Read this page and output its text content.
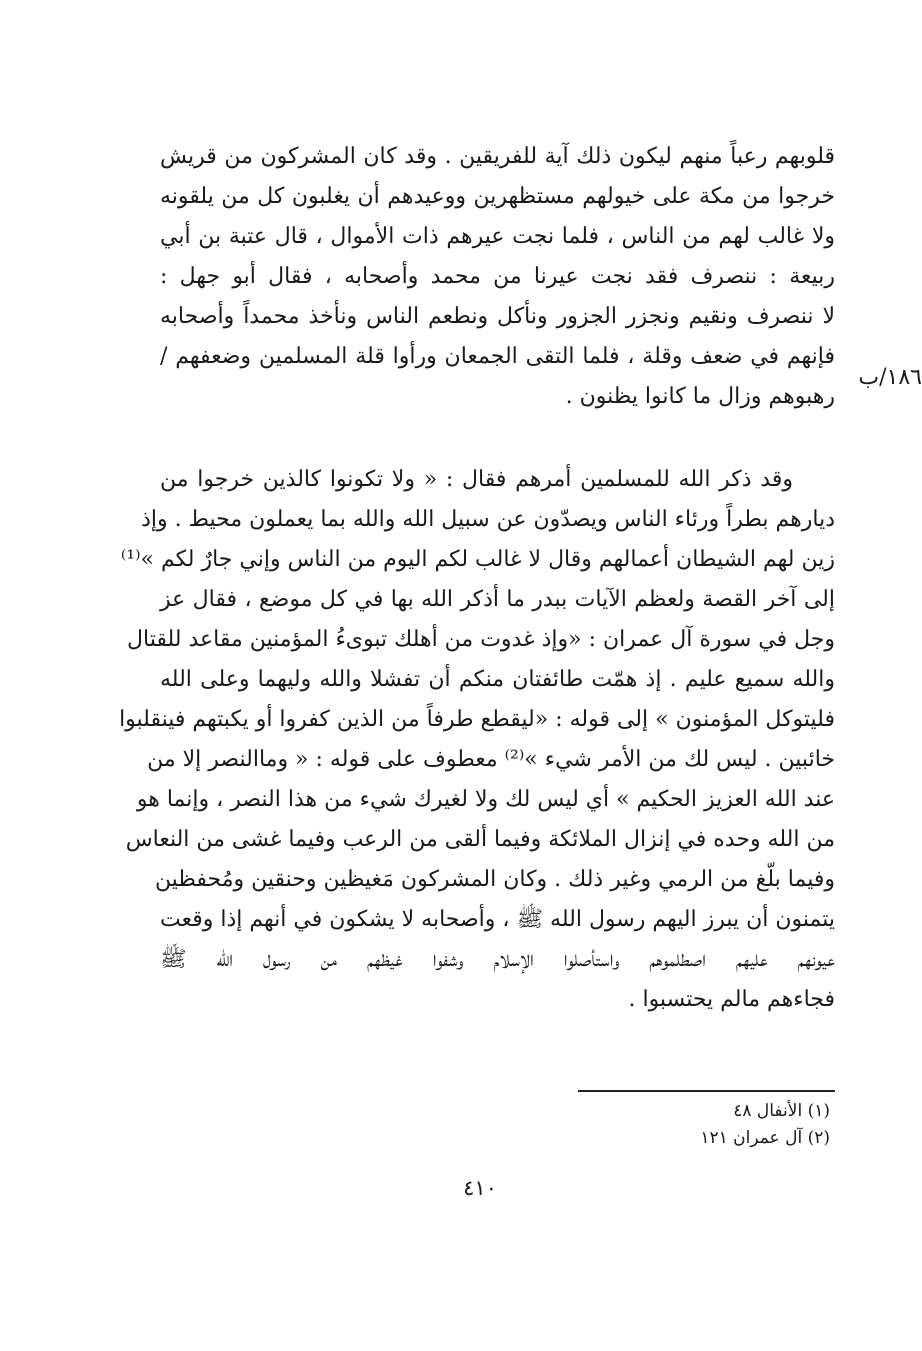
١٨٦/ب
قلوبهم رعباً منهم ليكون ذلك آية للفريقين . وقد كان المشركون من قريش
خرجوا من مكة على خيولهم مستظهرين ووعيدهم أن يغلبون كل من يلقونه
ولا غالب لهم من الناس ، فلما نجت عيرهم ذات الأموال ، قال عتبة بن أبي
ربيعة : ننصرف فقد نجت عيرنا من محمد وأصحابه ، فقال أبو جهل :
لا ننصرف ونقيم ونجزر الجزور ونأكل ونطعم الناس ونأخذ محمداً وأصحابه
فإنهم في ضعف وقلة ، فلما التقى الجمعان ورأوا قلة المسلمين وضعفهم /
رهبوهم وزال ما كانوا يظنون .
وقد ذكر الله للمسلمين أمرهم فقال : « ولا تكونوا كالذين خرجوا من
ديارهم بطراً ورئاء الناس ويصدّون عن سبيل الله والله بما يعملون محيط . وإذ
زين لهم الشيطان أعمالهم وقال لا غالب لكم اليوم من الناس وإني جارٌ لكم »⁽¹⁾
إلى آخر القصة ولعظم الآيات ببدر ما أذكر الله بها في كل موضع ، فقال عز
وجل في سورة آل عمران : «وإذ غدوت من أهلك تبوىءُ المؤمنين مقاعد للقتال
والله سميع عليم . إذ همّت طائفتان منكم أن تفشلا والله وليهما وعلى الله
فليتوكل المؤمنون » إلى قوله : «ليقطع طرفاً من الذين كفروا أو يكبتهم فينقلبوا
خائبين . ليس لك من الأمر شيء »⁽²⁾ معطوف على قوله : « وماالنصر إلا من
عند الله العزيز الحكيم » أي ليس لك ولا لغيرك شيء من هذا النصر ، وإنما هو
من الله وحده في إنزال الملائكة وفيما ألقى من الرعب وفيما غشى من النعاس
وفيما بلّغ من الرمي وغير ذلك . وكان المشركون مَغيظين وحنقين ومُحفظين
يتمنون أن يبرز اليهم رسول الله ﷺ ، وأصحابه لا يشكون في أنهم إذا وقعت
عيونهم عليهم اصطلموهم واستأصلوا الإسلام وشفوا غيظهم من رسول الله ﷺ
فجاءهم مالم يحتسبوا .
(١) الأنفال ٤٨
(٢) آل عمران ١٢١
٤١٠
